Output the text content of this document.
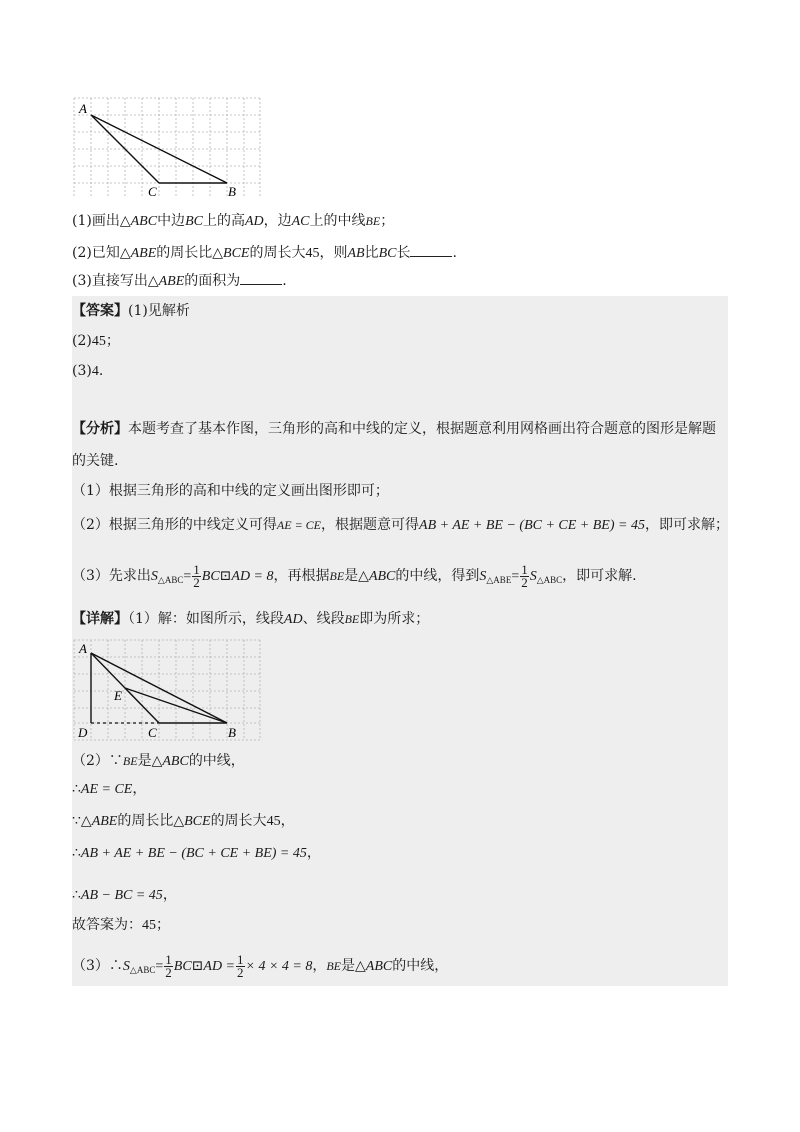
A
C	B
(1)画出△ABC中边BC上的高AD，边AC上的中线BE；
(2)已知△ABE的周长比△BCE的周长大45，则AB比BC长	.
(3)直接写出△ABE的面积为	.
【答案】(1)见解析
(2)45；
(3)4.
【分析】本题考查了基本作图，三角形的高和中线的定义，根据题意利用网格画出符合题意的图形是解题
的关键.
（1）根据三角形的高和中线的定义画出图形即可；
（2）根据三角形的中线定义可得AE = CE，根据题意可得AB + AE + BE − (BC + CE + BE) = 45，即可求解；
（3）先求出$S_{\triangle ABC}= \frac{1}{2}$ BC⊡AD = 8，再根据BE是△ABC的中线，得到$S_{\triangle ABE}= \frac{1}{2} S_{\triangle ABC}$，即可求解.
【详解】（1）解：如图所示，线段AD、线段BE即为所求；
A
E
D	C	B
（2）∵BE是△ABC的中线，
∴AE = CE，
∵△ABE的周长比△BCE的周长大45，
∴AB + AE + BE − (BC + CE + BE) = 45，
∴AB − BC = 45，
故答案为：45；
$(3)\therefore S_{\triangle ABC}= \frac{1}{2}$ BC⊡AD = $\frac{1}{2} \times 4 \times 4 = 8$，BE是△ABC的中线，
